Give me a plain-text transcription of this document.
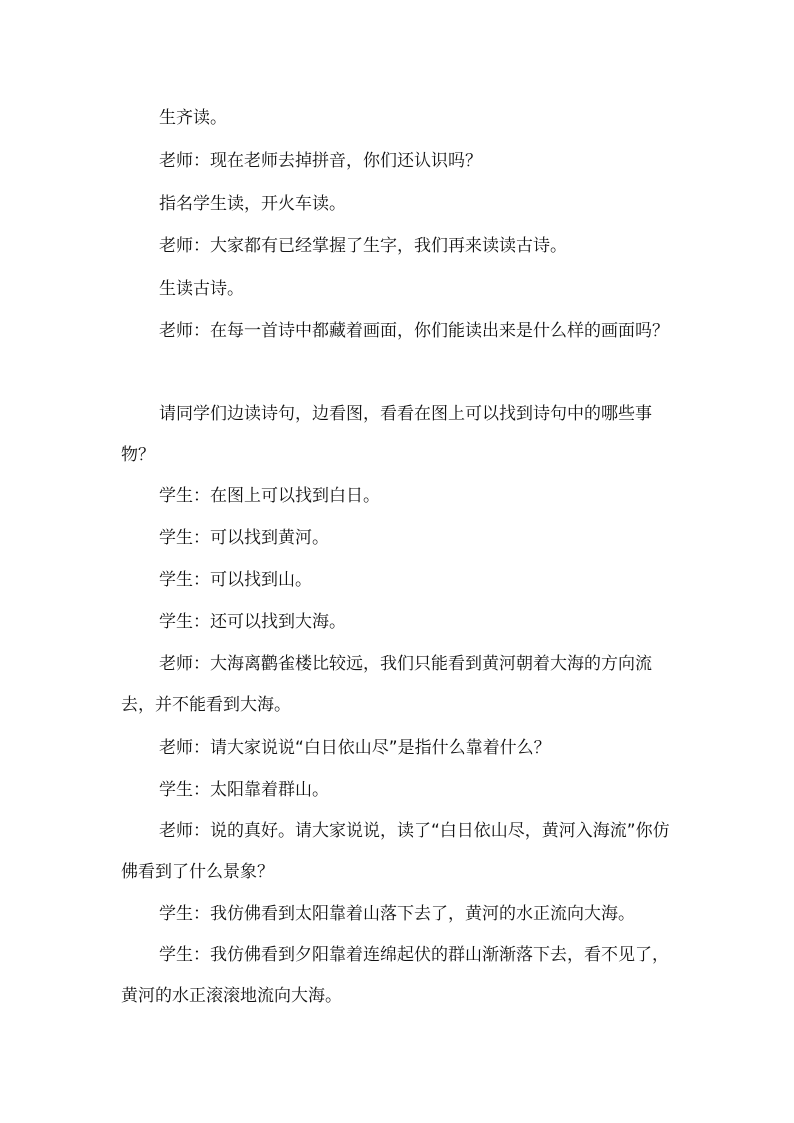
生齐读。

老师：现在老师去掉拼音，你们还认识吗？

指名学生读，开火车读。

老师：大家都有已经掌握了生字，我们再来读读古诗。

生读古诗。

老师：在每一首诗中都藏着画面，你们能读出来是什么样的画面吗？

请同学们边读诗句，边看图，看看在图上可以找到诗句中的哪些事物？

学生：在图上可以找到白日。

学生：可以找到黄河。

学生：可以找到山。

学生：还可以找到大海。

老师：大海离鹳雀楼比较远，我们只能看到黄河朝着大海的方向流去，并不能看到大海。

老师：请大家说说“白日依山尽”是指什么靠着什么？

学生：太阳靠着群山。

老师：说的真好。请大家说说，读了“白日依山尽，黄河入海流”你仿佛看到了什么景象？

学生：我仿佛看到太阳靠着山落下去了，黄河的水正流向大海。

学生：我仿佛看到夕阳靠着连绵起伏的群山渐渐落下去，看不见了，黄河的水正滚滚地流向大海。
